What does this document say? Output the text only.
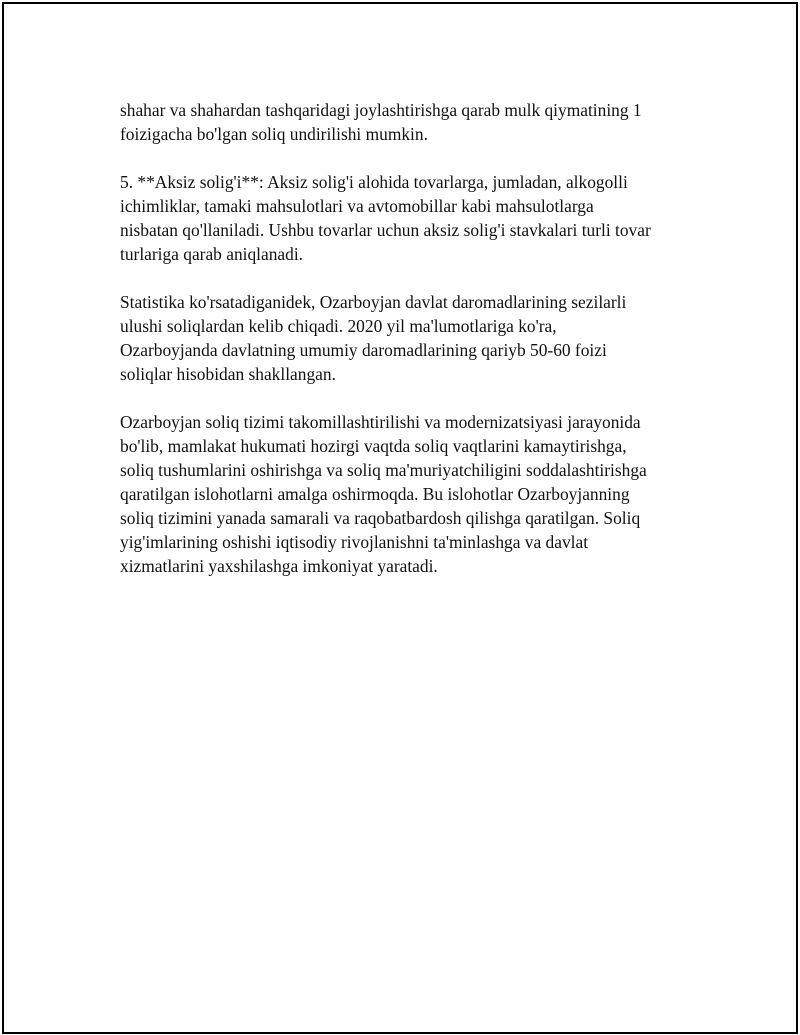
shahar va shahardan tashqaridagi joylashtirishga qarab mulk qiymatining 1
foizigacha bo'lgan soliq undirilishi mumkin.

5. **Aksiz solig'i**: Aksiz solig'i alohida tovarlarga, jumladan, alkogolli
ichimliklar, tamaki mahsulotlari va avtomobillar kabi mahsulotlarga
nisbatan qo'llaniladi. Ushbu tovarlar uchun aksiz solig'i stavkalari turli tovar
turlariga qarab aniqlanadi.

Statistika ko'rsatadiganidek, Ozarboyjan davlat daromadlarining sezilarli
ulushi soliqlardan kelib chiqadi. 2020 yil ma'lumotlariga ko'ra,
Ozarboyjanda davlatning umumiy daromadlarining qariyb 50-60 foizi
soliqlar hisobidan shakllangan.

Ozarboyjan soliq tizimi takomillashtirilishi va modernizatsiyasi jarayonida
bo'lib, mamlakat hukumati hozirgi vaqtda soliq vaqtlarini kamaytirishga,
soliq tushumlarini oshirishga va soliq ma'muriyatchiligini soddalashtirishga
qaratilgan islohotlarni amalga oshirmoqda. Bu islohotlar Ozarboyjanning
soliq tizimini yanada samarali va raqobatbardosh qilishga qaratilgan. Soliq
yig'imlarining oshishi iqtisodiy rivojlanishni ta'minlashga va davlat
xizmatlarini yaxshilashga imkoniyat yaratadi.
